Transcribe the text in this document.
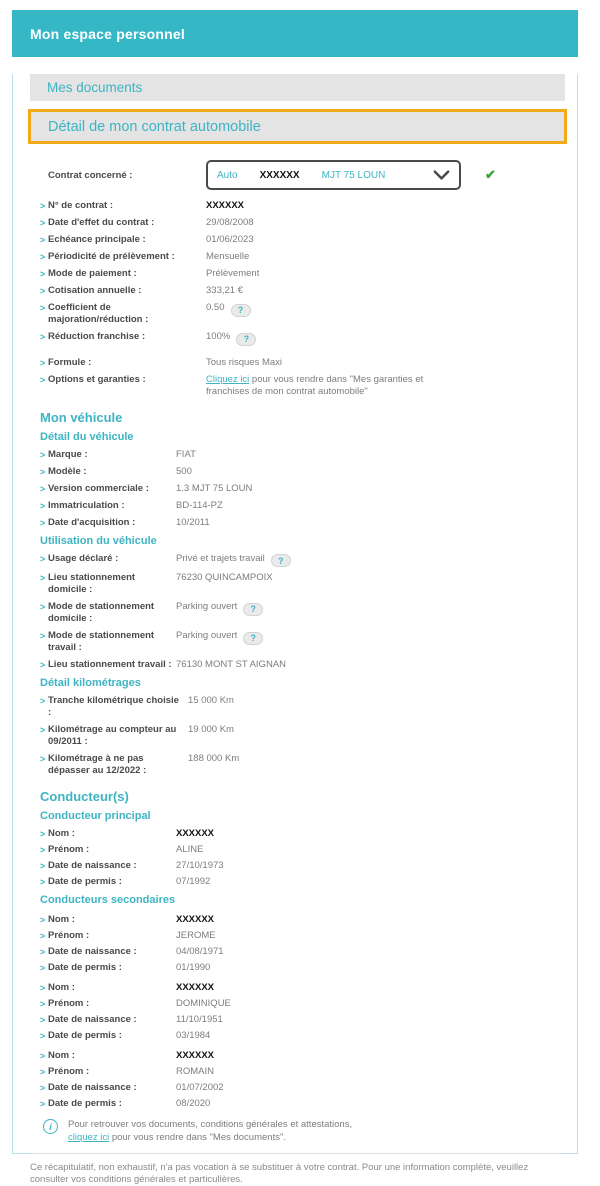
Mon espace personnel
Mes documents
Détail de mon contrat automobile
Contrat concerné :	Auto XXXXXX MJT 75 LOUN	✔
> N° de contrat :	XXXXXX
> Date d'effet du contrat :	29/08/2008
> Echéance principale :	01/06/2023
> Périodicité de prélèvement :	Mensuelle
> Mode de paiement :	Prélèvement
> Cotisation annuelle :	333,21 €
> Coefficient de majoration/réduction :
0.50 ?
> Réduction franchise :	100% ?
> Formule :	Tous risques Maxi
> Options et garanties :	Cliquez ici pour vous rendre dans "Mes garanties et franchises de mon contrat automobile"
Mon véhicule
Détail du véhicule
> Marque :	FIAT
> Modèle :	500
> Version commerciale :	1.3 MJT 75 LOUN
> Immatriculation :	BD-114-PZ
> Date d'acquisition :	10/2011
Utilisation du véhicule
> Usage déclaré :	Privé et trajets travail ?
> Lieu stationnement domicile :
76230 QUINCAMPOIX
> Mode de stationnement domicile :
Parking ouvert ?
> Mode de stationnement travail :
Parking ouvert ?
> Lieu stationnement travail : 76130 MONT ST AIGNAN
Détail kilométrages
> Tranche kilométrique choisie :
15 000 Km
> Kilométrage au compteur au 09/2011 :
19 000 Km
> Kilométrage à ne pas dépasser au 12/2022 :
188 000 Km
Conducteur(s)
Conducteur principal
> Nom :	XXXXXX
> Prénom :	ALINE
> Date de naissance :	27/10/1973
> Date de permis :	07/1992
Conducteurs secondaires
> Nom :	XXXXXX
> Prénom :	JEROME
> Date de naissance :	04/08/1971
> Date de permis :	01/1990
> Nom :	XXXXXX
> Prénom :	DOMINIQUE
> Date de naissance :	11/10/1951
> Date de permis :	03/1984
> Nom :	XXXXXX
> Prénom :	ROMAIN
> Date de naissance :	01/07/2002
> Date de permis :	08/2020
i	Pour retrouver vos documents, conditions générales et attestations,
cliquez ici pour vous rendre dans "Mes documents".

Ce récapitulatif, non exhaustif, n'a pas vocation à se substituer à votre contrat. Pour une information complète, veuillez consulter vos conditions générales et particulières.
